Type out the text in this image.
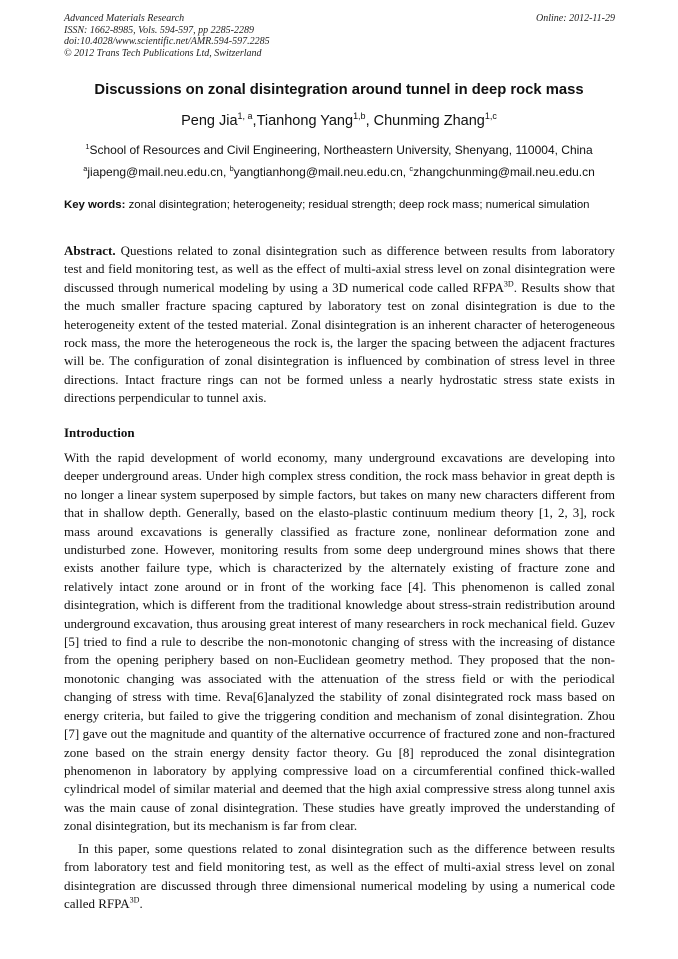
Advanced Materials Research
ISSN: 1662-8985, Vols. 594-597, pp 2285-2289
doi:10.4028/www.scientific.net/AMR.594-597.2285
© 2012 Trans Tech Publications Ltd, Switzerland
Online: 2012-11-29
Discussions on zonal disintegration around tunnel in deep rock mass
Peng Jia$^{1, a}$,Tianhong Yang$^{1,b}$, Chunming Zhang$^{1,c}$
$^1$School of Resources and Civil Engineering, Northeastern University, Shenyang, 110004, China
$^a$jiapeng@mail.neu.edu.cn, $^b$yangtianhong@mail.neu.edu.cn, $^c$zhangchunming@mail.neu.edu.cn
Key words: zonal disintegration; heterogeneity; residual strength; deep rock mass; numerical simulation
Abstract. Questions related to zonal disintegration such as difference between results from laboratory test and field monitoring test, as well as the effect of multi-axial stress level on zonal disintegration were discussed through numerical modeling by using a 3D numerical code called $RFPA^{3D}$. Results show that the much smaller fracture spacing captured by laboratory test on zonal disintegration is due to the heterogeneity extent of the tested material. Zonal disintegration is an inherent character of heterogeneous rock mass, the more the heterogeneous the rock is, the larger the spacing between the adjacent fractures will be. The configuration of zonal disintegration is influenced by combination of stress level in three directions. Intact fracture rings can not be formed unless a nearly hydrostatic stress state exists in directions perpendicular to tunnel axis.
Introduction
With the rapid development of world economy, many underground excavations are developing into deeper underground areas. Under high complex stress condition, the rock mass behavior in great depth is no longer a linear system superposed by simple factors, but takes on many new characters different from that in shallow depth. Generally, based on the elasto-plastic continuum medium theory [1, 2, 3], rock mass around excavations is generally classified as fracture zone, nonlinear deformation zone and undisturbed zone. However, monitoring results from some deep underground mines shows that there exists another failure type, which is characterized by the alternately existing of fracture zone and relatively intact zone around or in front of the working face [4]. This phenomenon is called zonal disintegration, which is different from the traditional knowledge about stress-strain redistribution around underground excavation, thus arousing great interest of many researchers in rock mechanical field. Guzev [5] tried to find a rule to describe the non-monotonic changing of stress with the increasing of distance from the opening periphery based on non-Euclidean geometry method. They proposed that the non-monotonic changing was associated with the attenuation of the stress field or with the periodical changing of stress with time. Reva[6]analyzed the stability of zonal disintegrated rock mass based on energy criteria, but failed to give the triggering condition and mechanism of zonal disintegration. Zhou [7] gave out the magnitude and quantity of the alternative occurrence of fractured zone and non-fractured zone based on the strain energy density factor theory. Gu [8] reproduced the zonal disintegration phenomenon in laboratory by applying compressive load on a circumferential confined thick-walled cylindrical model of similar material and deemed that the high axial compressive stress along tunnel axis was the main cause of zonal disintegration. These studies have greatly improved the understanding of zonal disintegration, but its mechanism is far from clear.
In this paper, some questions related to zonal disintegration such as the difference between results from laboratory test and field monitoring test, as well as the effect of multi-axial stress level on zonal disintegration are discussed through three dimensional numerical modeling by using a numerical code called $RFPA^{3D}$.
